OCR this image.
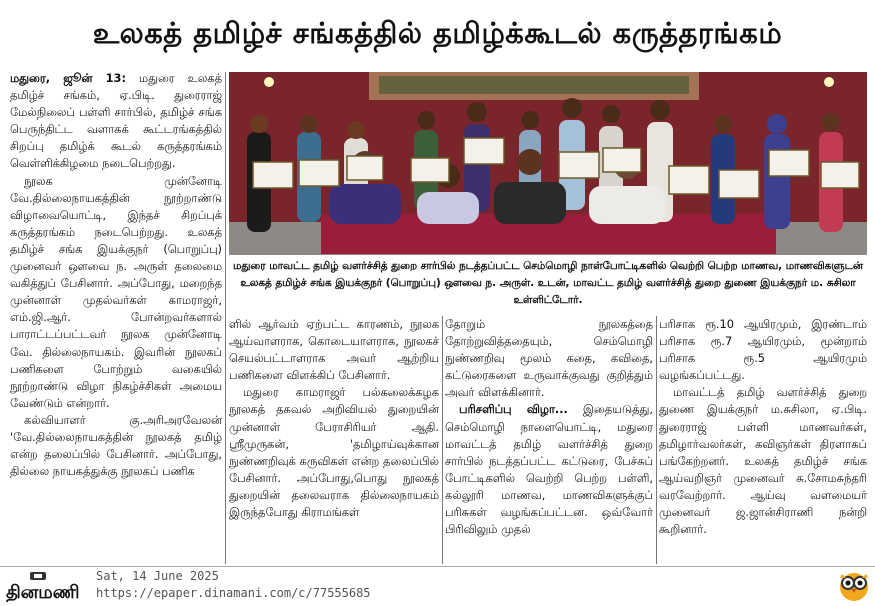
உலகத் தமிழ்ச் சங்கத்தில் தமிழ்க்கூடல் கருத்தரங்கம்

மதுரை, ஜூன் 13: மதுரை உலகத் தமிழ்ச் சங்கம், ஏ.பிடி. துரைராஜ் மேல்நிலைப் பள்ளி சார்பில், தமிழ்ச் சங்க பெருந்திட்ட வளாகக் கூட்டரங்கத்தில் சிறப்பு தமிழ்க் கூடல் கருத்தரங்கம் வெள்ளிக்கிழமை நடைபெற்றது.

நூலக முன்னோடி வே.தில்லைநாயகத்தின் நூற்றாண்டு விழாவையொட்டி, இந்தச் சிறப்புக் கருத்தரங்கம் நடைபெற்றது. உலகத் தமிழ்ச் சங்க இயக்குநர் (பொறுப்பு) முனைவர் ஔவை ந. அருள் தலைமை வகித்துப் பேசினார். அப்போது, மறைந்த முன்னாள் முதல்வர்கள் காமராஜர், எம்.ஜி.ஆர். போன்றவர்களால் பாராட்டப்பட்டவர் நூலக முன்னோடி வே. தில்லைநாயகம். இவரின் நூலகப் பணிகளை போற்றும் வகையில் நூற்றாண்டு விழா நிகழ்ச்சிகள் அமைய வேண்டும் என்றார்.

கல்வியாளர் கு.அரிஅரவேலன் 'வே.தில்லைநாயகத்தின் நூலகத் தமிழ் என்ற தலைப்பில் பேசினார். அப்போது, தில்லை நாயகத்துக்கு நூலகப் பணிக

மதுரை மாவட்ட தமிழ் வளர்ச்சித் துறை சார்பில் நடத்தப்பட்ட செம்மொழி நாள்போட்டிகளில் வெற்றி பெற்ற மாணவ, மாணவிகளுடன் உலகத் தமிழ்ச் சங்க இயக்குநர் (பொறுப்பு) ஔவை ந. அருள். உடன், மாவட்ட தமிழ் வளர்ச்சித் துறை துணை இயக்குநர் ம. சுசிலா உள்ளிட்டோர்.

ளில் ஆர்வம் ஏற்பட்ட காரணம், நூலக ஆய்வாளராக, கொடையாளராக, நூலகச் செயல்பட்டாளராக அவர் ஆற்றிய பணிகளை விளக்கிப் பேசினார்.

மதுரை காமராஜர் பல்கலைக்கழக நூலகத் தகவல் அறிவியல் துறையின் முன்னாள் பேராசிரியர் ஆதி. ஸ்ரீமுருகன், 'தமிழாய்வுக்கான நுண்ணறிவுக் கருவிகள் என்ற தலைப்பில் பேசினார். அப்போது,பொது நூலகத் துறையின் தலைவராக தில்லைநாயகம் இருந்தபோது கிராமங்கள்

தோறும் நூலகத்தை தோற்றுவித்ததையும், செம்மொழி நுண்ணறிவு மூலம் கதை, கவிதை, கட்டுரைகளை உருவாக்குவது குறித்தும் அவர் விளக்கினார்.

பரிசளிப்பு விழா... இதையடுத்து, செம்மொழி நாளையொட்டி, மதுரை மாவட்டத் தமிழ் வளர்ச்சித் துறை சார்பில் நடத்தப்பட்ட கட்டுரை, பேச்சுப் போட்டிகளில் வெற்றி பெற்ற பள்ளி, கல்லூரி மாணவ, மாணவிகளுக்குப் பரிசுகள் வழங்கப்பட்டன. ஒவ்வோர் பிரிவிலும் முதல்

பரிசாக ரூ.10 ஆயிரமும், இரண்டாம் பரிசாக ரூ.7 ஆயிரமும், மூன்றாம் பரிசாக ரூ.5 ஆயிரமும் வழங்கப்பட்டது.

மாவட்டத் தமிழ் வளர்ச்சித் துறை துணை இயக்குநர் ம.சுசிலா, ஏ.பிடி. துரைராஜ் பள்ளி மாணவர்கள், தமிழார்வலர்கள், கவிஞர்கள் திரளாகப் பங்கேற்றனர். உலகத் தமிழ்ச் சங்க ஆய்வறிஞர் முனைவர் சு.சோமசுந்தரி வரவேற்றார். ஆய்வு வளமையர் முனைவர் ஜ.ஜான்சிராணி நன்றி கூறினார்.

தினமணி
Sat, 14 June 2025
https://epaper.dinamani.com/c/77555685
